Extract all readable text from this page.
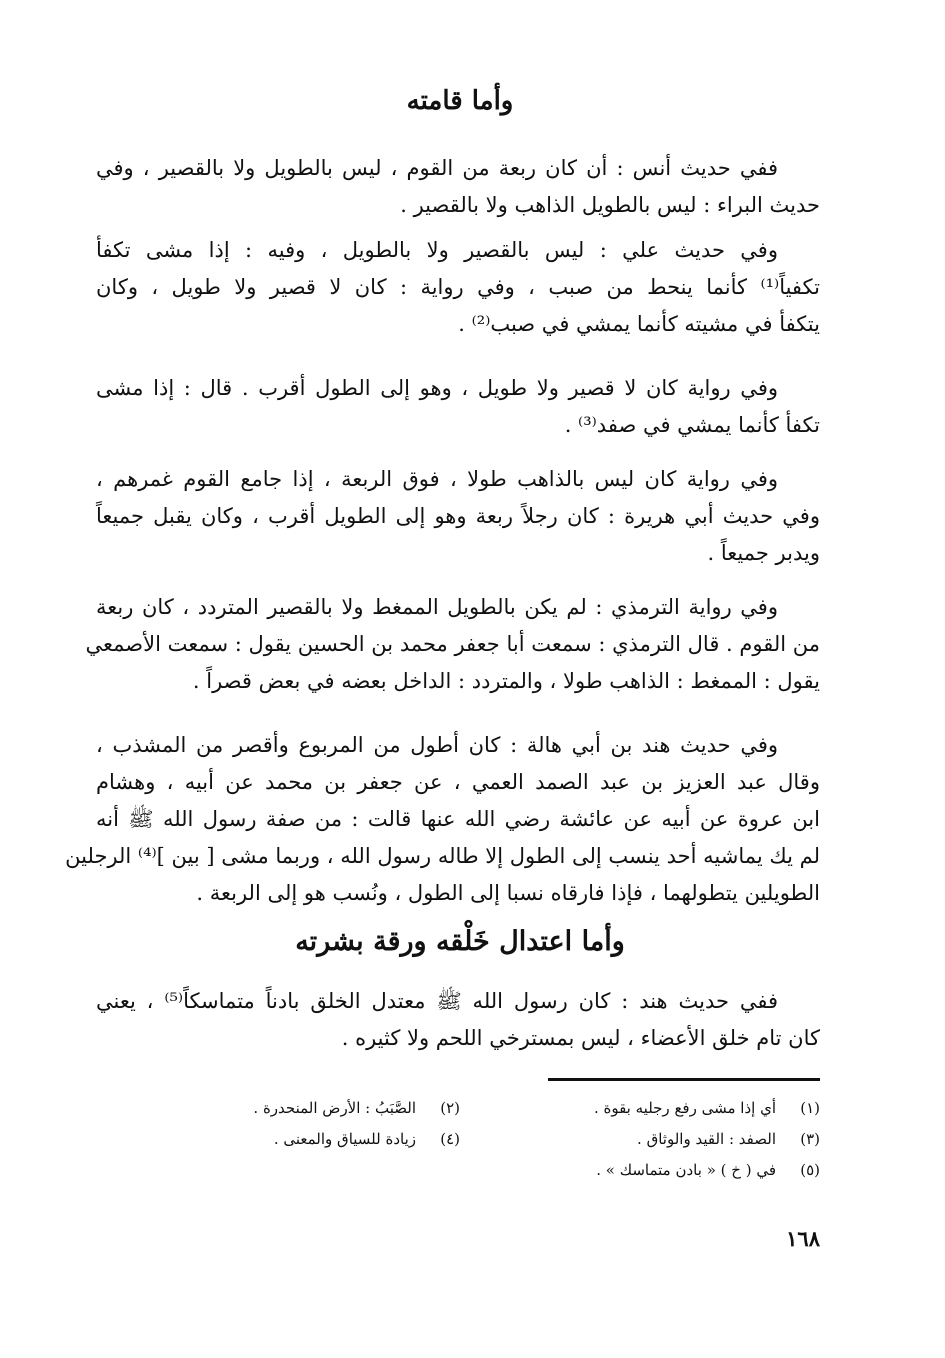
وأما قامته

ففي حديث أنس : أن كان ربعة من القوم ، ليس بالطويل ولا بالقصير ، وفي
حديث البراء : ليس بالطويل الذاهب ولا بالقصير .

وفي حديث علي : ليس بالقصير ولا بالطويل ، وفيه : إذا مشى تكفأ
تكفياً⁽¹⁾ كأنما ينحط من صبب ، وفي رواية : كان لا قصير ولا طويل ، وكان
يتكفأ في مشيته كأنما يمشي في صبب⁽²⁾ .

وفي رواية كان لا قصير ولا طويل ، وهو إلى الطول أقرب . قال : إذا مشى
تكفأ كأنما يمشي في صفد⁽³⁾ .

وفي رواية كان ليس بالذاهب طولا ، فوق الربعة ، إذا جامع القوم غمرهم ،
وفي حديث أبي هريرة : كان رجلاً ربعة وهو إلى الطويل أقرب ، وكان يقبل جميعاً
ويدبر جميعاً .

وفي رواية الترمذي : لم يكن بالطويل الممغط ولا بالقصير المتردد ، كان ربعة
من القوم . قال الترمذي : سمعت أبا جعفر محمد بن الحسين يقول : سمعت الأصمعي
يقول : الممغط : الذاهب طولا ، والمتردد : الداخل بعضه في بعض قصراً .

وفي حديث هند بن أبي هالة : كان أطول من المربوع وأقصر من المشذب ،
وقال عبد العزيز بن عبد الصمد العمي ، عن جعفر بن محمد عن أبيه ، وهشام
ابن عروة عن أبيه عن عائشة رضي الله عنها قالت : من صفة رسول الله ﷺ أنه
لم يك يماشيه أحد ينسب إلى الطول إلا طاله رسول الله ، وربما مشى [ بين ]⁽⁴⁾ الرجلين
الطويلين يتطولهما ، فإذا فارقاه نسبا إلى الطول ، ونُسب هو إلى الربعة .

وأما اعتدال خَلْقه ورقة بشرته

ففي حديث هند : كان رسول الله ﷺ معتدل الخلق بادناً متماسكاً⁽⁵⁾ ، يعني
كان تام خلق الأعضاء ، ليس بمسترخي اللحم ولا كثيره .

(١)أي إذا مشى رفع رجليه بقوة .
(٢)الصَّبَبُ : الأرض المنحدرة .
(٣)الصفد : القيد والوثاق .
(٤)زيادة للسياق والمعنى .
(٥)في ( خ ) « بادن متماسك » .
١٦٨
